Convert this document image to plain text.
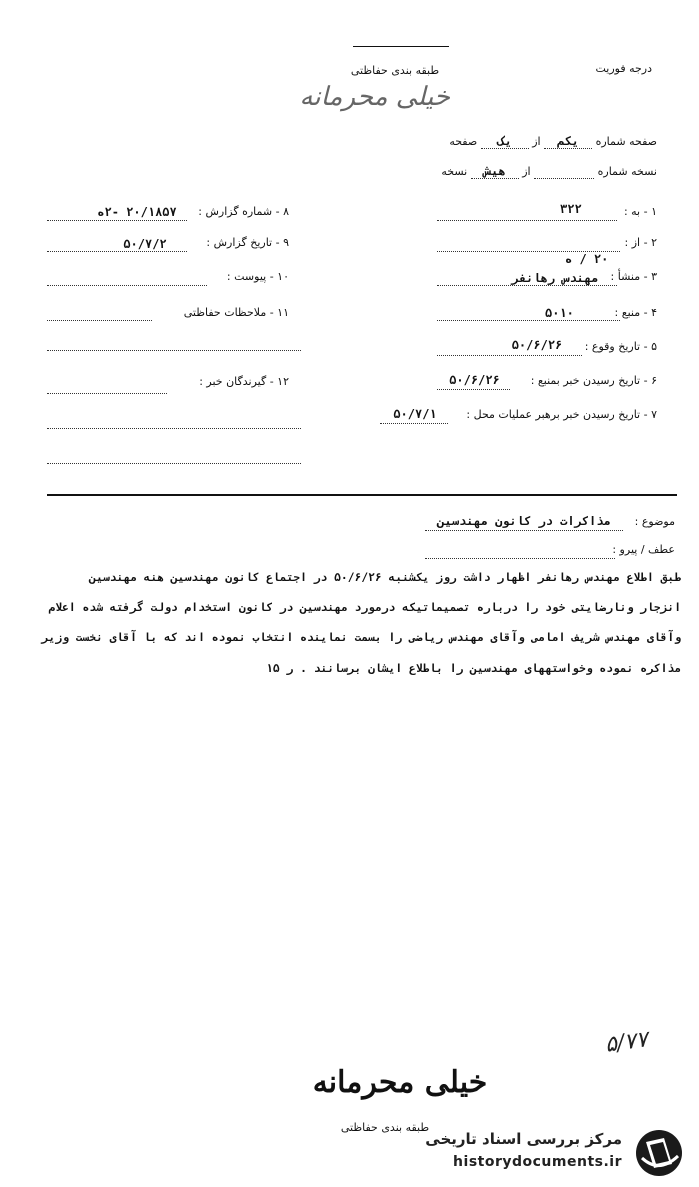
طبقه بندی حفاظتی	درجه فوریت
خیلی محرمانه
صفحه شماره یکم از یک صفحه
نسخه شماره   از هیش نسخه
۸ - شماره گزارش :
۲۰/۱۸۵۷ -۲ه
۹ - تاریخ گزارش :
۵۰/۷/۲
۱۰ - پیوست :
۱۱ - ملاحظات حفاظتی
۱۲ - گیرندگان خبر :
۱ - به :
۳۲۲
۲ - از :
۲۰ / ه
۳ - منشأ :
مهندس رهانفر
۴ - منبع :
۵۰۱۰
۵ - تاریخ وقوع :
۵۰/۶/۲۶
۶ - تاریخ رسیدن خبر بمنبع :
۵۰/۶/۲۶
۷ - تاریخ رسیدن خبر برهبر عملیات محل :
۵۰/۷/۱
موضوع :
مذاکرات در کانون مهندسین
عطف / پیرو :
طبق اطلاع مهندس رهانفر اظهار داشت روز یکشنبه ۵۰/۶/۲۶ در اجتماع کانون مهندسین هنه مهندسین
انزجار ونارضایتی خود را درباره تصمیماتیکه درمورد مهندسین در کانون استخدام دولت گرفته شده اعلام
وآقای مهندس شریف امامی وآقای مهندس ریاضی را بسمت نماینده انتخاب نموده اند که با آقای نخست وزیر
مذاکره نموده وخواستههای مهندسین را باطلاع ایشان برسانند . ر ۱۵
۵/۷۷
خیلی محرمانه
طبقه بندی حفاظتی
مرکز بررسی اسناد تاریخی
historydocuments.ir
